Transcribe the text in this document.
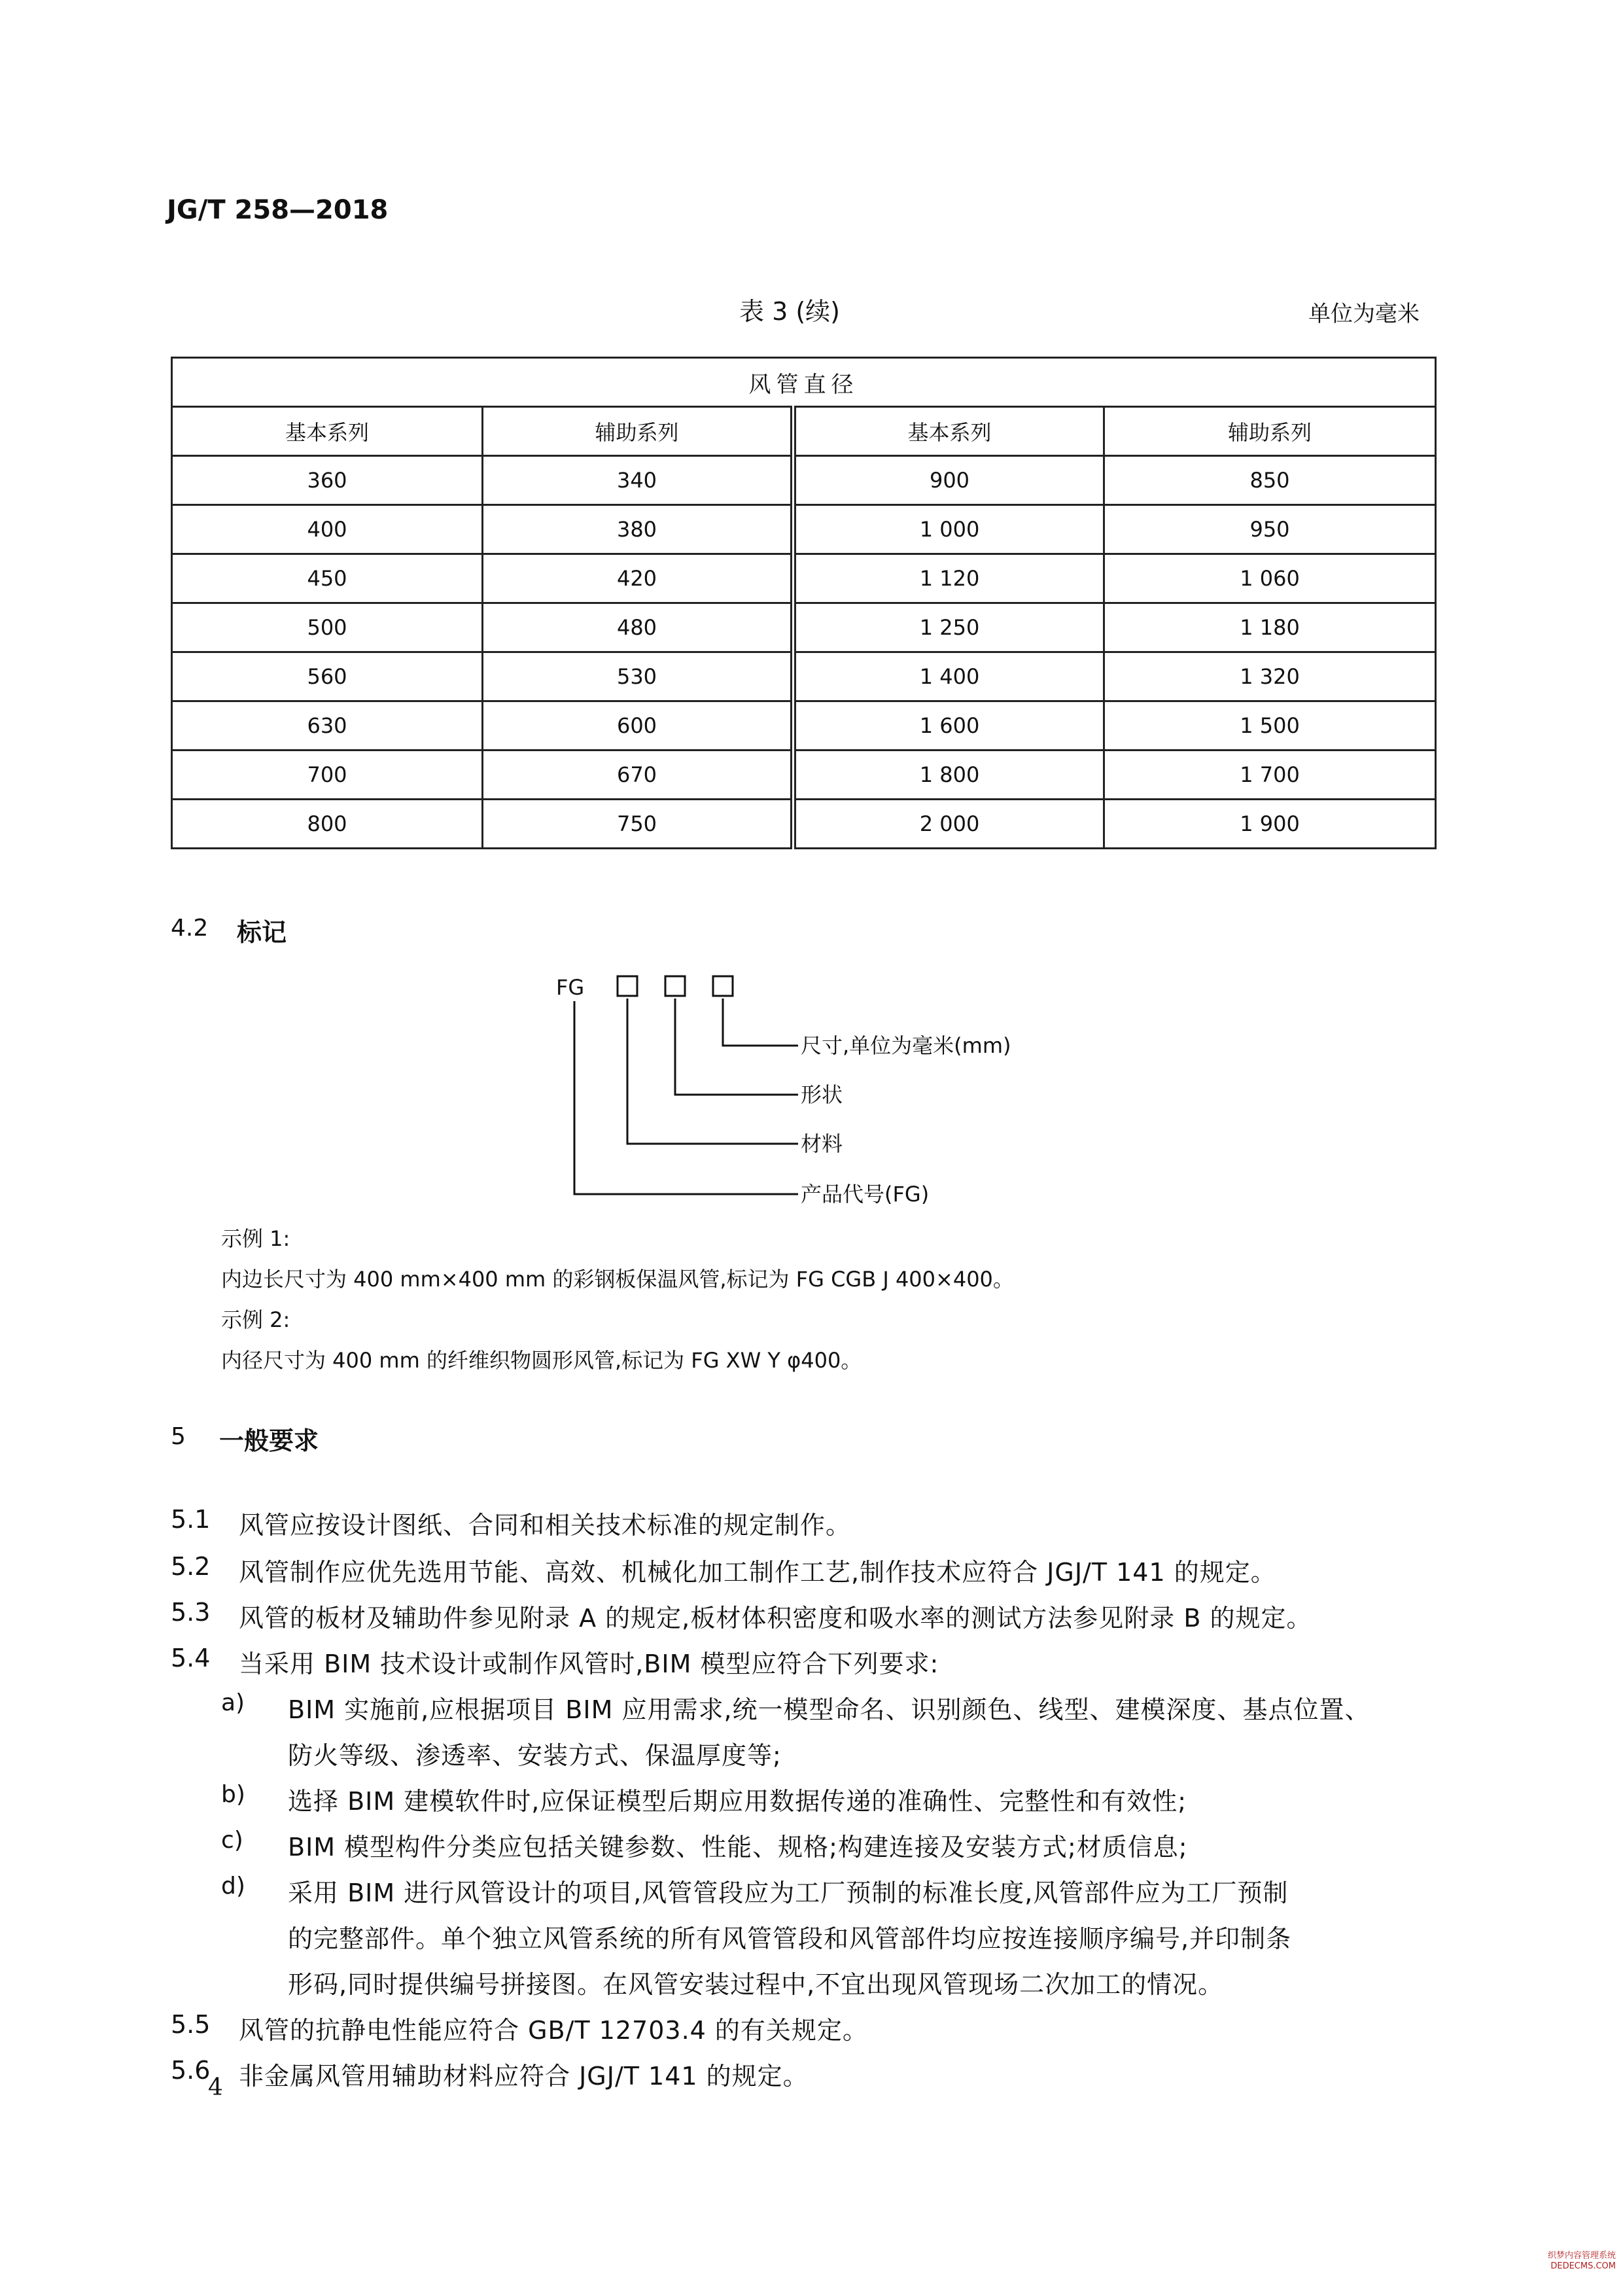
JG/T 258—2018
表 3 (续)	单位为毫米
风管直径			
基本系列	辅助系列	基本系列	辅助系列
360	340	900	850
400	380	1 000	950
450	420	1 120	1 060
500	480	1 250	1 180
560	530	1 400	1 320
630	600	1 600	1 500
700	670	1 800	1 700
800	750	2 000	1 900
4.2 标记
FG
尺寸,单位为毫米(mm)
形状
材料
产品代号(FG)
示例 1:
内边长尺寸为 400 mm×400 mm 的彩钢板保温风管,标记为 FG CGB J 400×400。
示例 2:
内径尺寸为 400 mm 的纤维织物圆形风管,标记为 FG XW Y φ400。
5 一般要求
5.1 风管应按设计图纸、合同和相关技术标准的规定制作。
5.2 风管制作应优先选用节能、高效、机械化加工制作工艺,制作技术应符合 JGJ/T 141 的规定。
5.3 风管的板材及辅助件参见附录 A 的规定,板材体积密度和吸水率的测试方法参见附录 B 的规定。
5.4 当采用 BIM 技术设计或制作风管时,BIM 模型应符合下列要求:
a) BIM 实施前,应根据项目 BIM 应用需求,统一模型命名、识别颜色、线型、建模深度、基点位置、
防火等级、渗透率、安装方式、保温厚度等;
b) 选择 BIM 建模软件时,应保证模型后期应用数据传递的准确性、完整性和有效性;
c) BIM 模型构件分类应包括关键参数、性能、规格;构建连接及安装方式;材质信息;
d) 采用 BIM 进行风管设计的项目,风管管段应为工厂预制的标准长度,风管部件应为工厂预制
的完整部件。单个独立风管系统的所有风管管段和风管部件均应按连接顺序编号,并印制条
形码,同时提供编号拼接图。在风管安装过程中,不宜出现风管现场二次加工的情况。
5.5 风管的抗静电性能应符合 GB/T 12703.4 的有关规定。
5.6 非金属风管用辅助材料应符合 JGJ/T 141 的规定。
4
织梦内容管理系统
DEDECMS.COM
